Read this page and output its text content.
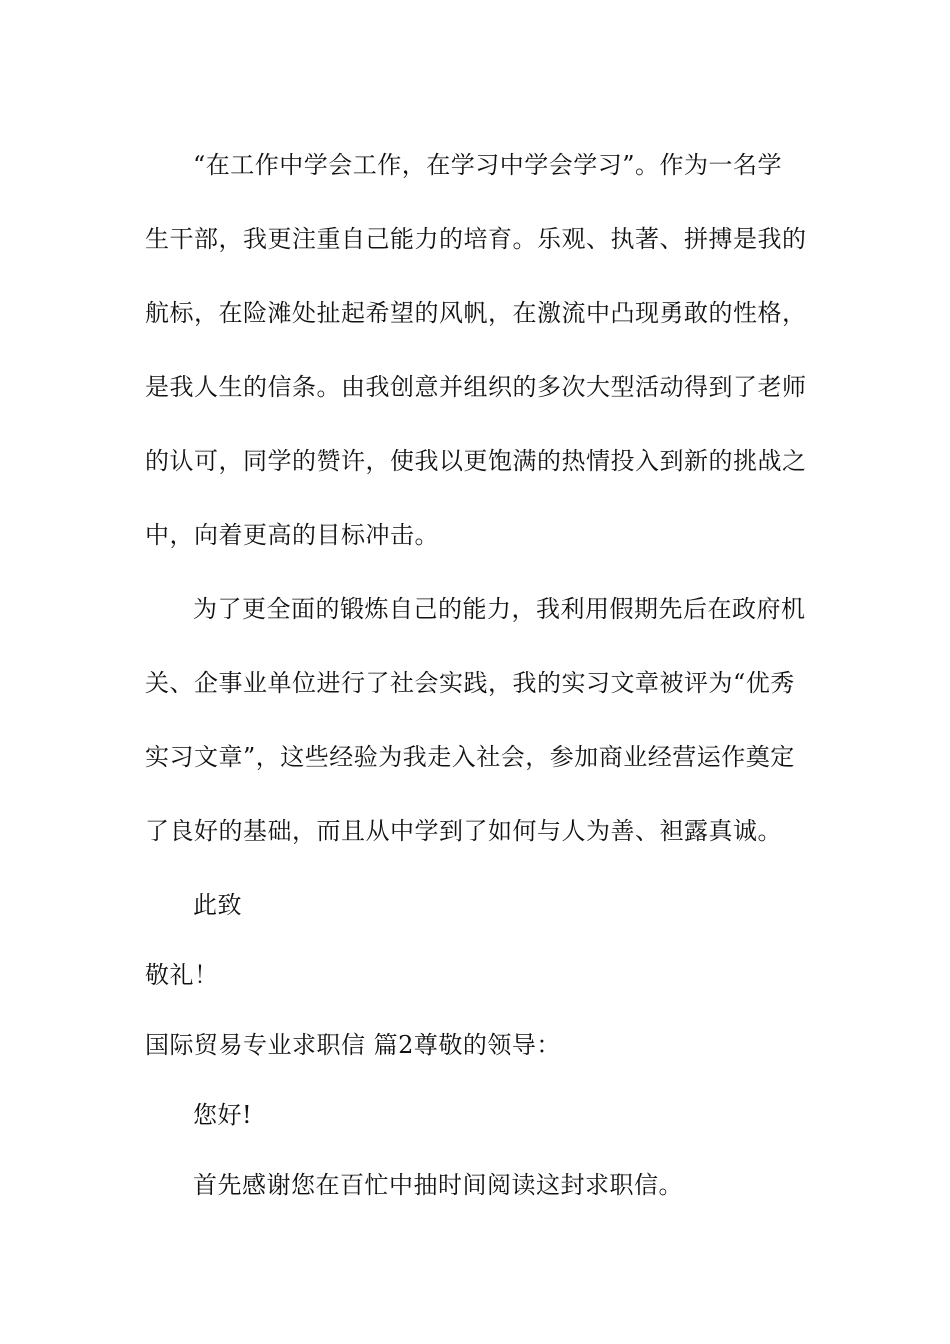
“在工作中学会工作，在学习中学会学习”。作为一名学
生干部，我更注重自己能力的培育。乐观、执著、拼搏是我的
航标，在险滩处扯起希望的风帆，在激流中凸现勇敢的性格，
是我人生的信条。由我创意并组织的多次大型活动得到了老师
的认可，同学的赞许，使我以更饱满的热情投入到新的挑战之
中，向着更高的目标冲击。

为了更全面的锻炼自己的能力，我利用假期先后在政府机
关、企事业单位进行了社会实践，我的实习文章被评为“优秀
实习文章”，这些经验为我走入社会，参加商业经营运作奠定
了良好的基础，而且从中学到了如何与人为善、袒露真诚。

此致

敬礼！

国际贸易专业求职信 篇2尊敬的领导：

您好!

首先感谢您在百忙中抽时间阅读这封求职信。
